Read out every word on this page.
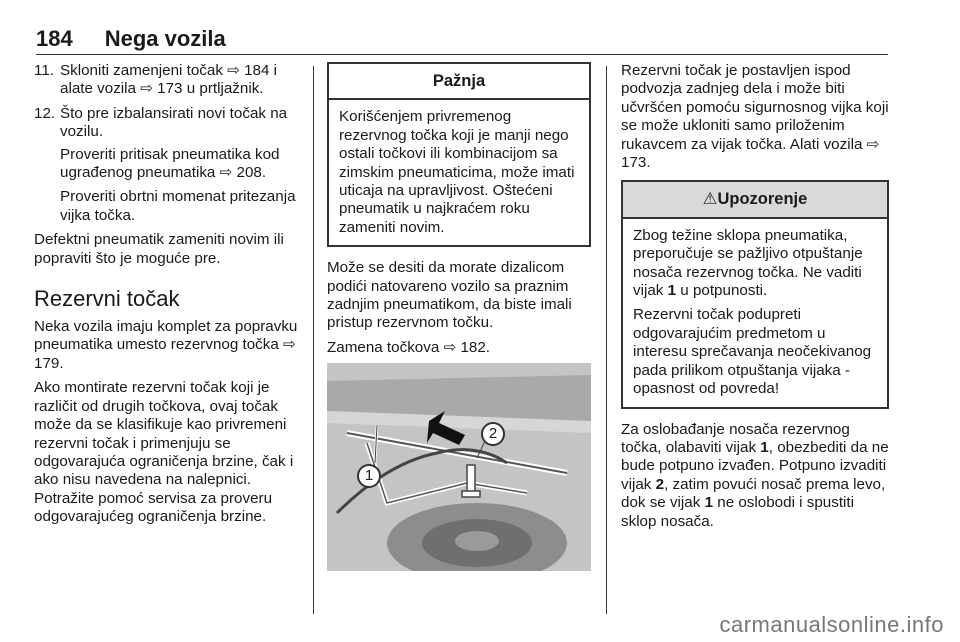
184 Nega vozila
11. Skloniti zamenjeni točak ⇨ 184 i alate vozila ⇨ 173 u prtljažnik.
12. Što pre izbalansirati novi točak na vozilu.

Proveriti pritisak pneumatika kod ugrađenog pneumatika ⇨ 208.

Proveriti obrtni momenat pritezanja vijka točka.

Defektni pneumatik zameniti novim ili popraviti što je moguće pre.

Rezervni točak

Neka vozila imaju komplet za popravku pneumatika umesto rezervnog točka ⇨ 179.

Ako montirate rezervni točak koji je različit od drugih točkova, ovaj točak može da se klasifikuje kao privremeni rezervni točak i primenjuju se odgovarajuća ograničenja brzine, čak i ako nisu navedena na nalepnici. Potražite pomoć servisa za proveru odgovarajućeg ograničenja brzine.

Pažnja

Korišćenjem privremenog rezervnog točka koji je manji nego ostali točkovi ili kombinacijom sa zimskim pneumaticima, može imati uticaja na upravljivost. Oštećeni pneumatik u najkraćem roku zameniti novim.

Može se desiti da morate dizalicom podići natovareno vozilo sa praznim zadnjim pneumatikom, da biste imali pristup rezervnom točku.

Zamena točkova ⇨ 182.

1
2

Rezervni točak je postavljen ispod podvozja zadnjeg dela i može biti učvršćen pomoću sigurnosnog vijka koji se može ukloniti samo priloženim rukavcem za vijak točka. Alati vozila ⇨ 173.

⚠Upozorenje

Zbog težine sklopa pneumatika, preporučuje se pažljivo otpuštanje nosača rezervnog točka. Ne vaditi vijak 1 u potpunosti.

Rezervni točak podupreti odgovarajućim predmetom u interesu sprečavanja neočekivanog pada prilikom otpuštanja vijaka - opasnost od povreda!

Za oslobađanje nosača rezervnog točka, olabaviti vijak 1, obezbediti da ne bude potpuno izvađen. Potpuno izvaditi vijak 2, zatim povući nosač prema levo, dok se vijak 1 ne oslobodi i spustiti sklop nosača.

carmanualsonline.info
